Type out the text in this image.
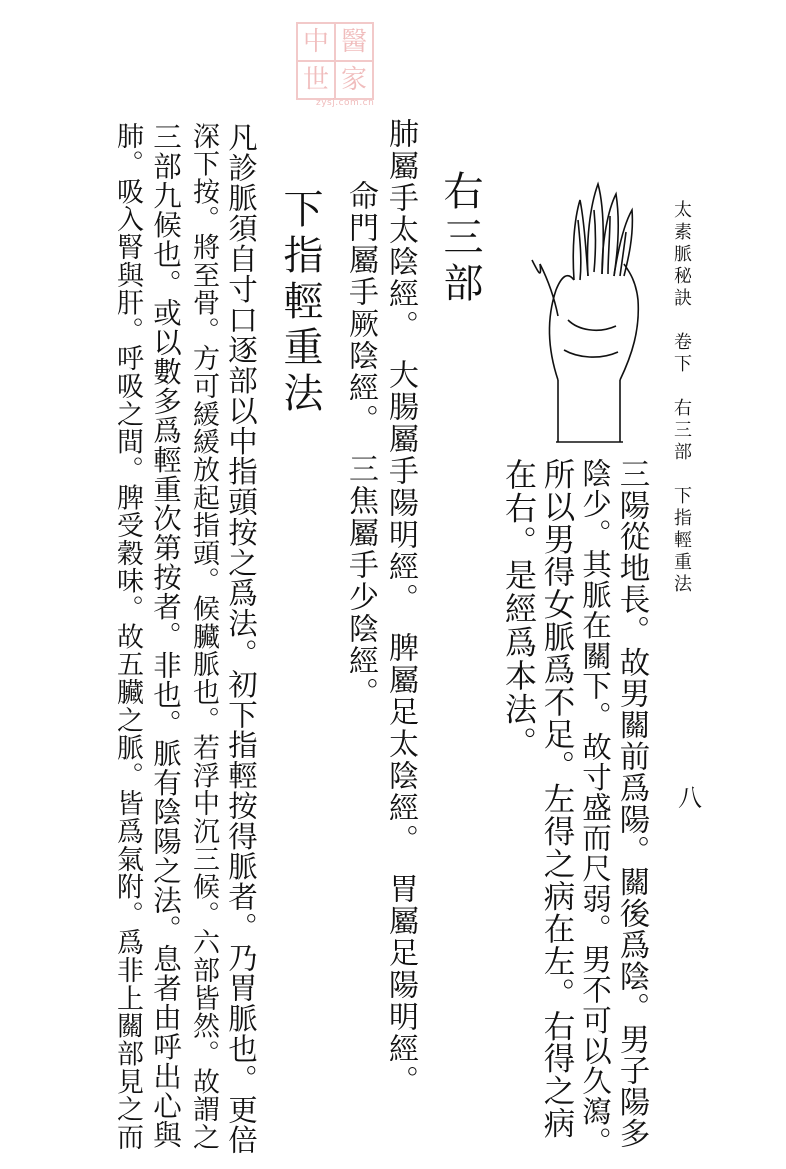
中 醫
世 家
zysj.com.cn
太素脈秘訣　卷下　右三部　下指輕重法
八
三陽從地長。故男關前爲陽。關後爲陰。男子陽多
陰少。其脈在關下。故寸盛而尺弱。男不可以久瀉。
所以男得女脈爲不足。左得之病在左。右得之病
在右。是經爲本法。
右三部
肺屬手太陰經。　大腸屬手陽明經。　脾屬足太陰經。　胃屬足陽明經。
命門屬手厥陰經。　三焦屬手少陰經。
下指輕重法
凡診脈須自寸口逐部以中指頭按之爲法。初下指輕按得脈者。乃胃脈也。更倍
深下按。將至骨。方可緩緩放起指頭。候臟脈也。若浮中沉三候。六部皆然。故謂之
三部九候也。或以數多爲輕重次第按者。非也。脈有陰陽之法。息者由呼出心與
肺。吸入腎與肝。呼吸之間。脾受穀味。故五臟之脈。皆爲氣附。爲非上關部見之而
